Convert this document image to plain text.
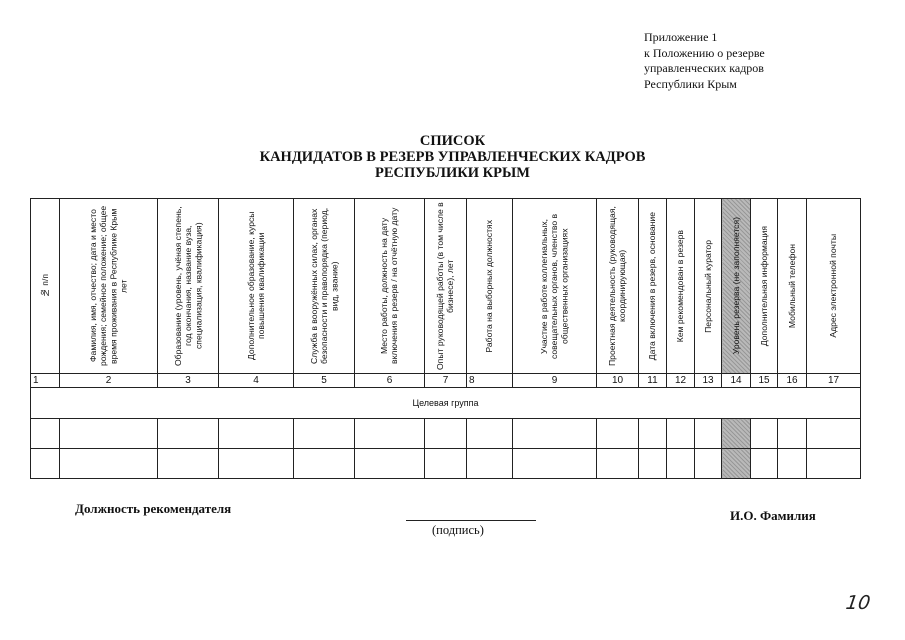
Приложение 1
к Положению о резерве
управленческих кадров
Республики Крым
СПИСОК
КАНДИДАТОВ В РЕЗЕРВ УПРАВЛЕНЧЕСКИХ КАДРОВ
РЕСПУБЛИКИ КРЫМ
№ п/п	Фамилия, имя, отчество; дата и место рождения; семейное положение; общее время проживания в Республике Крым лет	Образование (уровень, учёная степень, год окончания, название вуза, специализация, квалификация)	Дополнительное образование, курсы повышения квалификации	Служба в вооружённых силах, органах безопасности и правопорядка (период, вид, звание)	Место работы, должность на дату включения в резерв / на отчётную дату	Опыт руководящей работы (в том числе в бизнесе), лет	Работа на выборных должностях	Участие в работе коллегиальных, совещательных органов, членство в общественных организациях	Проектная деятельность (руководящая, координирующая)	Дата включения в резерв, основание	Кем рекомендован в резерв	Персональный куратор	Уровень резерва (не заполняется)	Дополнительная информация	Мобильный телефон	Адрес электронной почты

1	2	3	4	5	6	7	8	9	10	11	12	13	14	15	16	17
Целевая группа																

Должность рекомендателя
(подпись)
И.О. Фамилия
10
